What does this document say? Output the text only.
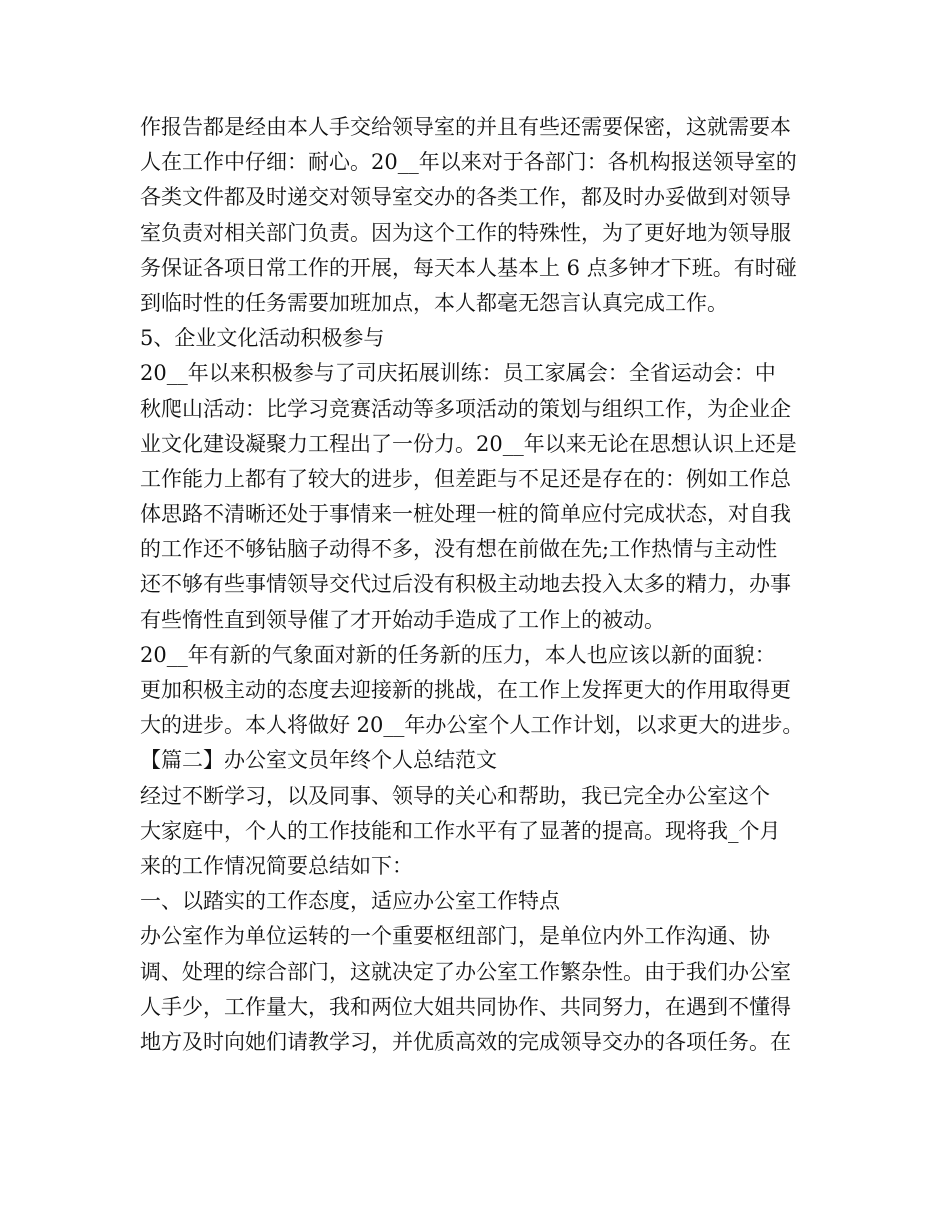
作报告都是经由本人手交给领导室的并且有些还需要保密，这就需要本
人在工作中仔细：耐心。20__年以来对于各部门：各机构报送领导室的
各类文件都及时递交对领导室交办的各类工作，都及时办妥做到对领导
室负责对相关部门负责。因为这个工作的特殊性，为了更好地为领导服
务保证各项日常工作的开展，每天本人基本上 6 点多钟才下班。有时碰
到临时性的任务需要加班加点，本人都毫无怨言认真完成工作。
5、企业文化活动积极参与
20__年以来积极参与了司庆拓展训练：员工家属会：全省运动会：中
秋爬山活动：比学习竞赛活动等多项活动的策划与组织工作，为企业企
业文化建设凝聚力工程出了一份力。20__年以来无论在思想认识上还是
工作能力上都有了较大的进步，但差距与不足还是存在的：例如工作总
体思路不清晰还处于事情来一桩处理一桩的简单应付完成状态，对自我
的工作还不够钻脑子动得不多，没有想在前做在先;工作热情与主动性
还不够有些事情领导交代过后没有积极主动地去投入太多的精力，办事
有些惰性直到领导催了才开始动手造成了工作上的被动。
20__年有新的气象面对新的任务新的压力，本人也应该以新的面貌：
更加积极主动的态度去迎接新的挑战，在工作上发挥更大的作用取得更
大的进步。本人将做好 20__年办公室个人工作计划，以求更大的进步。
【篇二】办公室文员年终个人总结范文
经过不断学习，以及同事、领导的关心和帮助，我已完全办公室这个
大家庭中，个人的工作技能和工作水平有了显著的提高。现将我_个月
来的工作情况简要总结如下：
一、以踏实的工作态度，适应办公室工作特点
办公室作为单位运转的一个重要枢纽部门，是单位内外工作沟通、协
调、处理的综合部门，这就决定了办公室工作繁杂性。由于我们办公室
人手少，工作量大，我和两位大姐共同协作、共同努力，在遇到不懂得
地方及时向她们请教学习，并优质高效的完成领导交办的各项任务。在
